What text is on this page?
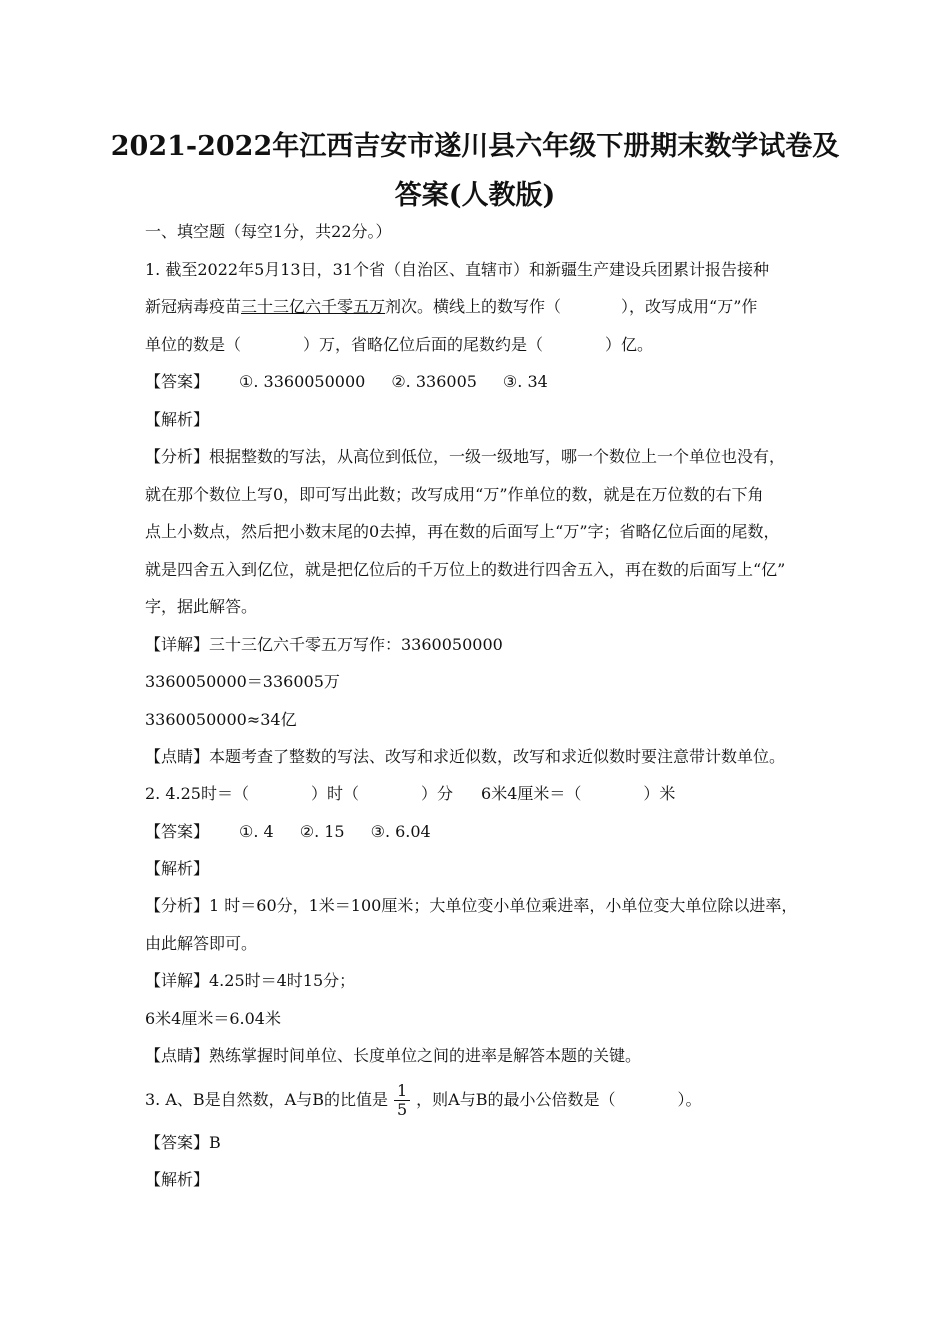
2021-2022年江西吉安市遂川县六年级下册期末数学试卷及
答案(人教版)
一、填空题（每空1分，共22分。）
1. 截至2022年5月13日，31个省（自治区、直辖市）和新疆生产建设兵团累计报告接种
新冠病毒疫苗三十三亿六千零五万剂次。横线上的数写作（	），改写成用“万”作
单位的数是（	）万，省略亿位后面的尾数约是（	）亿。
【答案】 ①. 3360050000 ②. 336005 ③. 34
【解析】
【分析】根据整数的写法，从高位到低位，一级一级地写，哪一个数位上一个单位也没有，
就在那个数位上写0，即可写出此数；改写成用“万”作单位的数，就是在万位数的右下角
点上小数点，然后把小数末尾的0去掉，再在数的后面写上“万”字；省略亿位后面的尾数，
就是四舍五入到亿位，就是把亿位后的千万位上的数进行四舍五入，再在数的后面写上“亿”
字，据此解答。
【详解】三十三亿六千零五万写作：3360050000
3360050000＝336005万
3360050000≈34亿
【点睛】本题考查了整数的写法、改写和求近似数，改写和求近似数时要注意带计数单位。
2. 4.25时＝（	）时（	）分 6米4厘米＝（	）米
【答案】 ①. 4 ②. 15 ③. 6.04
【解析】
【分析】1 时＝60分，1米＝100厘米；大单位变小单位乘进率，小单位变大单位除以进率，
由此解答即可。
【详解】4.25时＝4时15分；
6米4厘米＝6.04米
【点睛】熟练掌握时间单位、长度单位之间的进率是解答本题的关键。
3. A、B是自然数，A与B的比值是 $\frac{1}{5}$ ，则A与B的最小公倍数是（	）。
【答案】B
【解析】
